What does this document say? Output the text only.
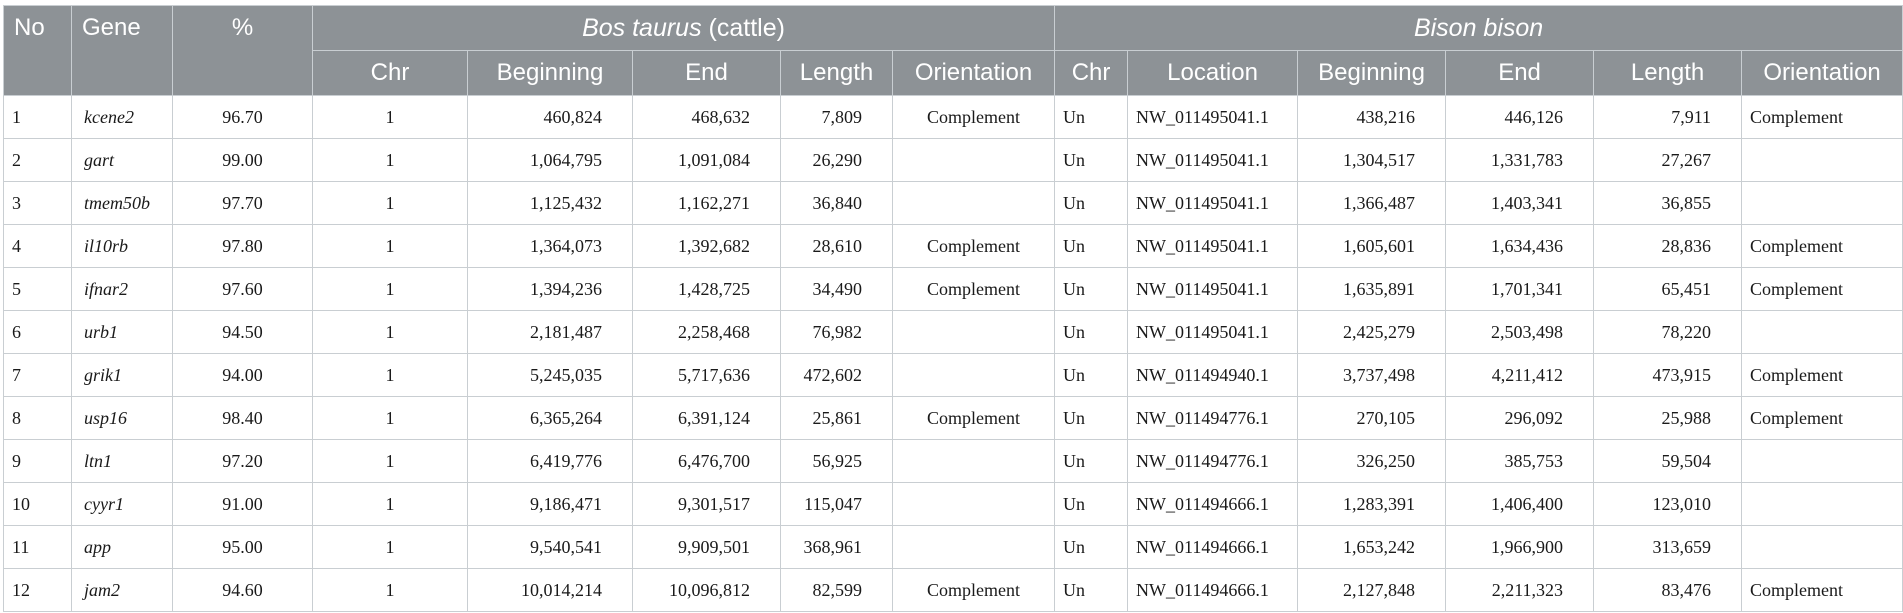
No	Gene	%	Bos taurus (cattle)					Bison bison					
			Chr	Beginning	End	Length	Orientation	Chr	Location	Beginning	End	Length	Orientation
1	kcene2	96.70	1	460,824	468,632	7,809	Complement	Un	NW_011495041.1	438,216	446,126	7,911	Complement
2	gart	99.00	1	1,064,795	1,091,084	26,290		Un	NW_011495041.1	1,304,517	1,331,783	27,267	
3	tmem50b	97.70	1	1,125,432	1,162,271	36,840		Un	NW_011495041.1	1,366,487	1,403,341	36,855	
4	il10rb	97.80	1	1,364,073	1,392,682	28,610	Complement	Un	NW_011495041.1	1,605,601	1,634,436	28,836	Complement
5	ifnar2	97.60	1	1,394,236	1,428,725	34,490	Complement	Un	NW_011495041.1	1,635,891	1,701,341	65,451	Complement
6	urb1	94.50	1	2,181,487	2,258,468	76,982		Un	NW_011495041.1	2,425,279	2,503,498	78,220	
7	grik1	94.00	1	5,245,035	5,717,636	472,602		Un	NW_011494940.1	3,737,498	4,211,412	473,915	Complement
8	usp16	98.40	1	6,365,264	6,391,124	25,861	Complement	Un	NW_011494776.1	270,105	296,092	25,988	Complement
9	ltn1	97.20	1	6,419,776	6,476,700	56,925		Un	NW_011494776.1	326,250	385,753	59,504	
10	cyyr1	91.00	1	9,186,471	9,301,517	115,047		Un	NW_011494666.1	1,283,391	1,406,400	123,010	
11	app	95.00	1	9,540,541	9,909,501	368,961		Un	NW_011494666.1	1,653,242	1,966,900	313,659	
12	jam2	94.60	1	10,014,214	10,096,812	82,599	Complement	Un	NW_011494666.1	2,127,848	2,211,323	83,476	Complement
